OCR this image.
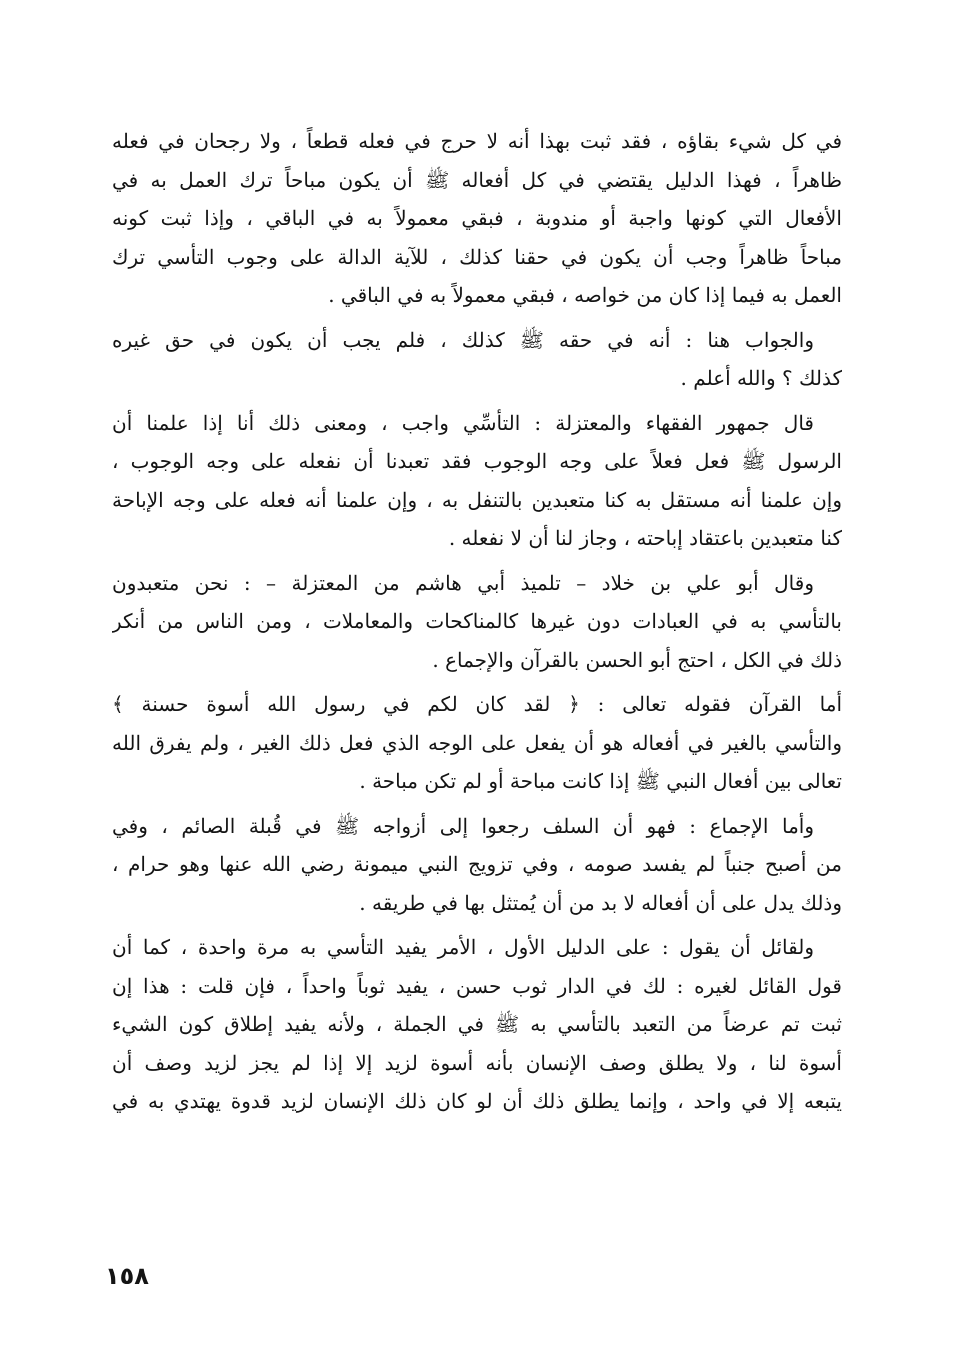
في كل شيء بقاؤه ، فقد ثبت بهذا أنه لا حرج في فعله قطعاً ، ولا رجحان في فعله
ظاهراً ، فهذا الدليل يقتضي في كل أفعاله ﷺ أن يكون مباحاً ترك العمل به في
الأفعال التي كونها واجبة أو مندوبة ، فبقي معمولاً به في الباقي ، وإذا ثبت كونه
مباحاً ظاهراً وجب أن يكون في حقنا كذلك ، للآية الدالة على وجوب التأسي ترك
العمل به فيما إذا كان من خواصه ، فبقي معمولاً به في الباقي .
والجواب هنا : أنه في حقه ﷺ كذلك ، فلم يجب أن يكون في حق غيره
كذلك ؟ والله أعلم .
قال جمهور الفقهاء والمعتزلة : التأسِّي واجب ، ومعنى ذلك أنا إذا علمنا أن
الرسول ﷺ فعل فعلاً على وجه الوجوب فقد تعبدنا أن نفعله على وجه الوجوب ،
وإن علمنا أنه مستقل به كنا متعبدين بالتنفل به ، وإن علمنا أنه فعله على وجه الإباحة
كنا متعبدين باعتقاد إباحته ، وجاز لنا أن لا نفعله .
وقال أبو علي بن خلاد – تلميذ أبي هاشم من المعتزلة – : نحن متعبدون
بالتأسي به في العبادات دون غيرها كالمناكحات والمعاملات ، ومن الناس من أنكر
ذلك في الكل ، احتج أبو الحسن بالقرآن والإجماع .
أما القرآن فقوله تعالى : ﴿ لقد كان لكم في رسول الله أسوة حسنة ﴾
والتأسي بالغير في أفعاله هو أن يفعل على الوجه الذي فعل ذلك الغير ، ولم يفرق الله
تعالى بين أفعال النبي ﷺ إذا كانت مباحة أو لم تكن مباحة .
وأما الإجماع : فهو أن السلف رجعوا إلى أزواجه ﷺ في قُبلة الصائم ، وفي
من أصبح جنباً لم يفسد صومه ، وفي تزويج النبي ميمونة رضي الله عنها وهو حرام ،
وذلك يدل على أن أفعاله لا بد من أن يُمتثل بها في طريقه .
ولقائل أن يقول : على الدليل الأول ، الأمر يفيد التأسي به مرة واحدة ، كما أن
قول القائل لغيره : لك في الدار ثوب حسن ، يفيد ثوباً واحداً ، فإن قلت : هذا إن
ثبت تم عرضاً من التعبد بالتأسي به ﷺ في الجملة ، ولأنه يفيد إطلاق كون الشيء
أسوة لنا ، ولا يطلق وصف الإنسان بأنه أسوة لزيد إلا إذا لم يجز لزيد وصف أن
يتبعه إلا في واحد ، وإنما يطلق ذلك أن لو كان ذلك الإنسان لزيد قدوة يهتدي به في
١٥٨
